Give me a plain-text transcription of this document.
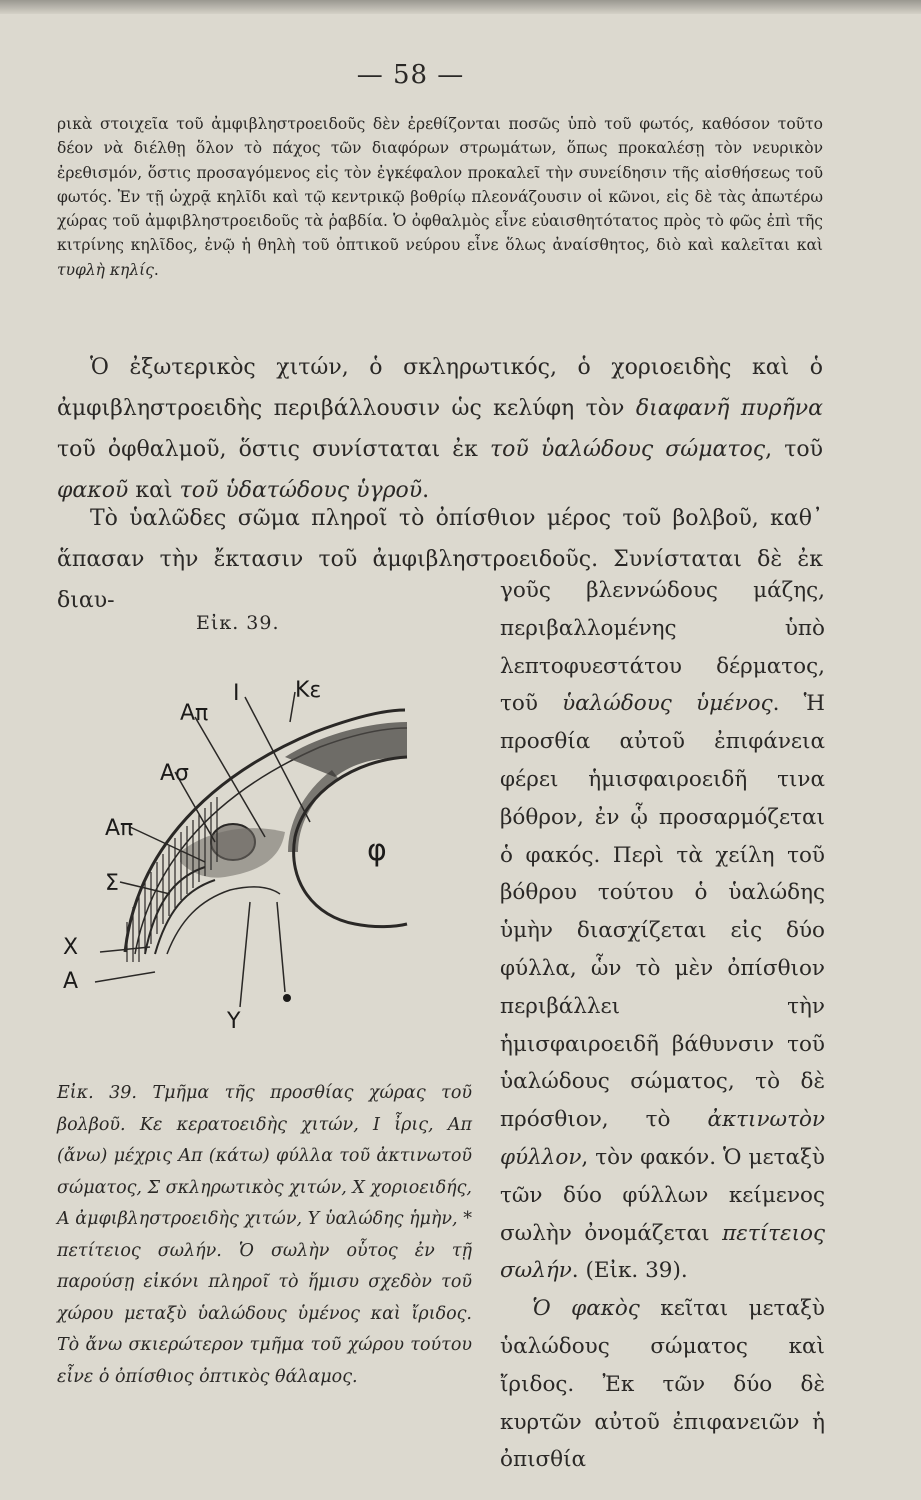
— 58 —

ρικὰ στοιχεῖα τοῦ ἀμφιβληστροειδοῦς δὲν ἐρεθίζονται ποσῶς ὑπὸ τοῦ φωτός, καθόσον τοῦτο δέον νὰ διέλθῃ ὅλον τὸ πάχος τῶν διαφόρων στρωμάτων, ὅπως προκαλέσῃ τὸν νευρικὸν ἐρεθισμόν, ὅστις προσαγόμενος εἰς τὸν ἐγκέφαλον προκαλεῖ τὴν συνείδησιν τῆς αἰσθήσεως τοῦ φωτός. Ἐν τῇ ὠχρᾷ κηλῖδι καὶ τῷ κεντρικῷ βοθρίῳ πλεονάζουσιν οἱ κῶνοι, εἰς δὲ τὰς ἀπωτέρω χώρας τοῦ ἀμφιβληστροειδοῦς τὰ ῥαβδία. Ὁ ὀφθαλμὸς εἶνε εὐαισθητότατος πρὸς τὸ φῶς ἐπὶ τῆς κιτρίνης κηλῖδος, ἐνῷ ἡ θηλὴ τοῦ ὀπτικοῦ νεύρου εἶνε ὅλως ἀναίσθητος, διὸ καὶ καλεῖται καὶ τυφλὴ κηλίς.

Ὁ ἐξωτερικὸς χιτών, ὁ σκληρωτικός, ὁ χοριοειδὴς καὶ ὁ ἀμφιβληστροειδὴς περιβάλλουσιν ὡς κελύφη τὸν διαφανῆ πυρῆνα τοῦ ὀφθαλμοῦ, ὅστις συνίσταται ἐκ τοῦ ὑαλώδους σώματος, τοῦ φακοῦ καὶ τοῦ ὑδατώδους ὑγροῦ.

Τὸ ὑαλῶδες σῶμα πληροῖ τὸ ὀπίσθιον μέρος τοῦ βολβοῦ, καθ᾽ ἅπασαν τὴν ἔκτασιν τοῦ ἀμφιβληστροειδοῦς. Συνίσταται δὲ ἐκ διαυ-

Εἰκ. 39.
I	Κε
Απ
Aσ
Aπ
Σ
X
A
Y
φ

Εἰκ. 39. Τμῆμα τῆς προσθίας χώρας τοῦ βολβοῦ. Κε κερατοειδὴς χιτών, I ἶρις, Απ (ἄνω) μέχρις Απ (κάτω) φύλλα τοῦ ἀκτινωτοῦ σώματος, Σ σκληρωτικὸς χιτών, X χοριοειδής, A ἀμφιβληστροειδὴς χιτών, Υ ὑαλώδης ἡμὴν, * πετίτειος σωλήν. Ὁ σωλὴν οὗτος ἐν τῇ παρούσῃ εἰκόνι πληροῖ τὸ ἥμισυ σχεδὸν τοῦ χώρου μεταξὺ ὑαλώδους ὑμένος καὶ ἴριδος. Τὸ ἄνω σκιερώτερον τμῆμα τοῦ χώρου τούτου εἶνε ὁ ὀπίσθιος ὀπτικὸς θάλαμος.

γοῦς βλεννώδους μάζης, περιβαλλομένης ὑπὸ λεπτοφυεστάτου δέρματος, τοῦ ὑαλώδους ὑμένος. Ἡ προσθία αὐτοῦ ἐπιφάνεια φέρει ἡμισφαιροειδῆ τινα βόθρον, ἐν ᾧ προσαρμόζεται ὁ φακός. Περὶ τὰ χείλη τοῦ βόθρου τούτου ὁ ὑαλώδης ὑμὴν διασχίζεται εἰς δύο φύλλα, ὧν τὸ μὲν ὀπίσθιον περιβάλλει τὴν ἡμισφαιροειδῆ βάθυνσιν τοῦ ὑαλώδους σώματος, τὸ δὲ πρόσθιον, τὸ ἀκτινωτὸν φύλλον, τὸν φακόν. Ὁ μεταξὺ τῶν δύο φύλλων κείμενος σωλὴν ὀνομάζεται πετίτειος σωλήν. (Εἰκ. 39).

Ὁ φακὸς κεῖται μεταξὺ ὑαλώδους σώματος καὶ ἴριδος. Ἐκ τῶν δύο δὲ κυρτῶν αὐτοῦ ἐπιφανειῶν ἡ ὀπισθία
